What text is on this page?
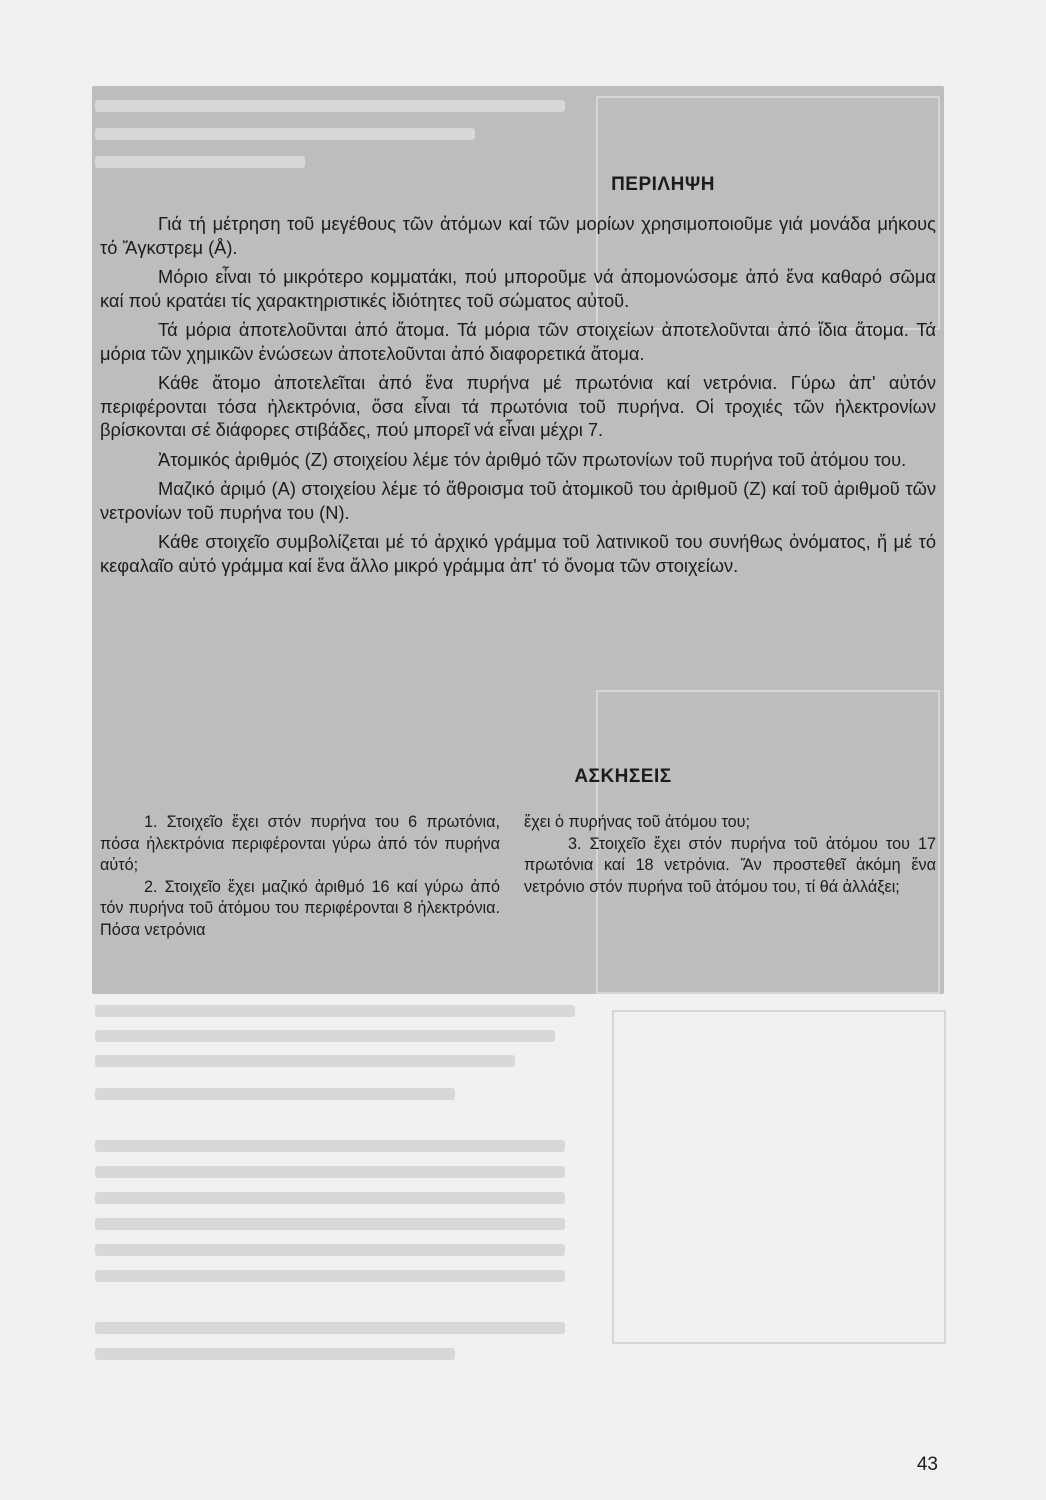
ΠΕΡΙΛΗΨΗ

Γιά τή μέτρηση τοῦ μεγέθους τῶν ἀτόμων καί τῶν μορίων χρησιμοποιοῦμε γιά μονάδα μήκους τό Ἄγκστρεμ (Å).

Μόριο εἶναι τό μικρότερο κομματάκι, πού μποροῦμε νά ἀπομονώσομε ἀπό ἕνα καθαρό σῶμα καί πού κρατάει τίς χαρακτηριστικές ἰδιότητες τοῦ σώματος αὐτοῦ.

Τά μόρια ἀποτελοῦνται ἀπό ἄτομα. Τά μόρια τῶν στοιχείων ἀποτελοῦνται ἀπό ἴδια ἄτομα. Τά μόρια τῶν χημικῶν ἐνώσεων ἀποτελοῦνται ἀπό διαφορετικά ἄτομα.

Κάθε ἄτομο ἀποτελεῖται ἀπό ἕνα πυρήνα μέ πρωτόνια καί νετρόνια. Γύρω ἀπ' αὐτόν περιφέρονται τόσα ἠλεκτρόνια, ὅσα εἶναι τά πρωτόνια τοῦ πυρήνα. Οἱ τροχιές τῶν ἠλεκτρονίων βρίσκονται σέ διάφορες στιβάδες, πού μπορεῖ νά εἶναι μέχρι 7.

Ἀτομικός ἀριθμός (Ζ) στοιχείου λέμε τόν ἀριθμό τῶν πρωτονίων τοῦ πυρήνα τοῦ ἀτόμου του.

Μαζικό ἀριμό (Α) στοιχείου λέμε τό ἄθροισμα τοῦ ἀτομικοῦ του ἀριθμοῦ (Ζ) καί τοῦ ἀριθμοῦ τῶν νετρονίων τοῦ πυρήνα του (Ν).

Κάθε στοιχεῖο συμβολίζεται μέ τό ἀρχικό γράμμα τοῦ λατινικοῦ του συνήθως ὀνόματος, ἤ μέ τό κεφαλαῖο αὐτό γράμμα καί ἕνα ἄλλο μικρό γράμμα ἀπ' τό ὄνομα τῶν στοιχείων.

ΑΣΚΗΣΕΙΣ

1. Στοιχεῖο ἔχει στόν πυρήνα του 6 πρωτόνια, πόσα ἠλεκτρόνια περιφέρονται γύρω ἀπό τόν πυρήνα αὐτό;

2. Στοιχεῖο ἔχει μαζικό ἀριθμό 16 καί γύρω ἀπό τόν πυρήνα τοῦ ἀτόμου του περιφέρονται 8 ἠλεκτρόνια. Πόσα νετρόνια

ἔχει ὁ πυρήνας τοῦ ἀτόμου του;

3. Στοιχεῖο ἔχει στόν πυρήνα τοῦ ἀτόμου του 17 πρωτόνια καί 18 νετρόνια. Ἄν προστεθεῖ ἀκόμη ἕνα νετρόνιο στόν πυρήνα τοῦ ἀτόμου του, τί θά ἀλλάξει;

43
